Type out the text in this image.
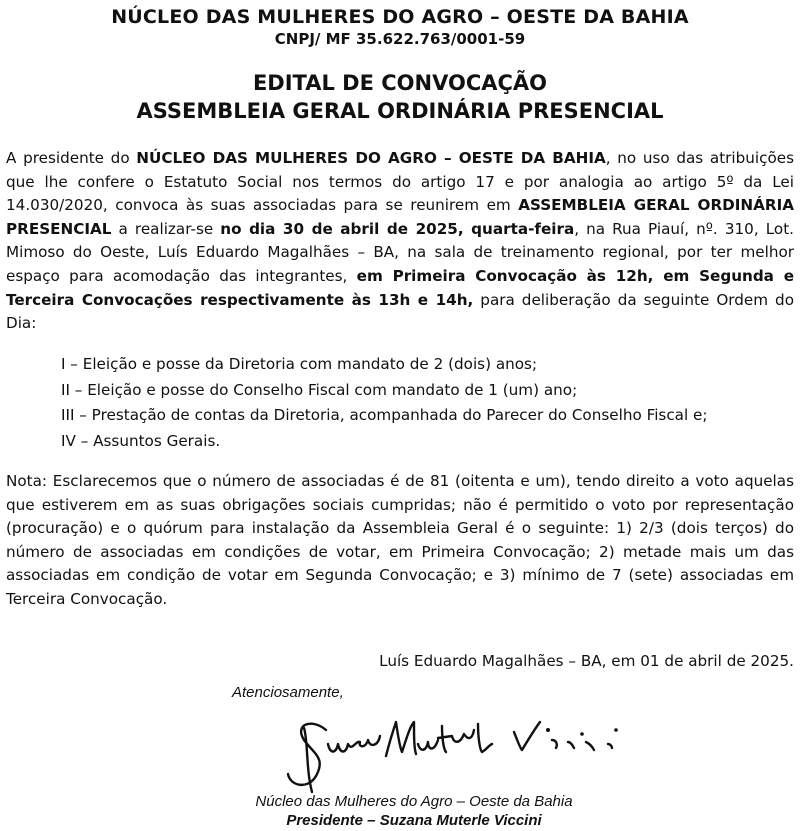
NÚCLEO DAS MULHERES DO AGRO – OESTE DA BAHIA
CNPJ/ MF 35.622.763/0001-59
EDITAL DE CONVOCAÇÃO
ASSEMBLEIA GERAL ORDINÁRIA PRESENCIAL

A presidente do NÚCLEO DAS MULHERES DO AGRO – OESTE DA BAHIA, no uso das atribuições que lhe confere o Estatuto Social nos termos do artigo 17 e por analogia ao artigo 5º da Lei 14.030/2020, convoca às suas associadas para se reunirem em ASSEMBLEIA GERAL ORDINÁRIA PRESENCIAL a realizar-se no dia 30 de abril de 2025, quarta-feira, na Rua Piauí, nº. 310, Lot. Mimoso do Oeste, Luís Eduardo Magalhães – BA, na sala de treinamento regional, por ter melhor espaço para acomodação das integrantes, em Primeira Convocação às 12h, em Segunda e Terceira Convocações respectivamente às 13h e 14h, para deliberação da seguinte Ordem do Dia:

I – Eleição e posse da Diretoria com mandato de 2 (dois) anos;
II – Eleição e posse do Conselho Fiscal com mandato de 1 (um) ano;
III – Prestação de contas da Diretoria, acompanhada do Parecer do Conselho Fiscal e;
IV – Assuntos Gerais.

Nota: Esclarecemos que o número de associadas é de 81 (oitenta e um), tendo direito a voto aquelas que estiverem em as suas obrigações sociais cumpridas; não é permitido o voto por representação (procuração) e o quórum para instalação da Assembleia Geral é o seguinte: 1) 2/3 (dois terços) do número de associadas em condições de votar, em Primeira Convocação; 2) metade mais um das associadas em condição de votar em Segunda Convocação; e 3) mínimo de 7 (sete) associadas em Terceira Convocação.

Luís Eduardo Magalhães – BA, em 01 de abril de 2025.
Atenciosamente,
Núcleo das Mulheres do Agro – Oeste da Bahia
Presidente – Suzana Muterle Viccini
